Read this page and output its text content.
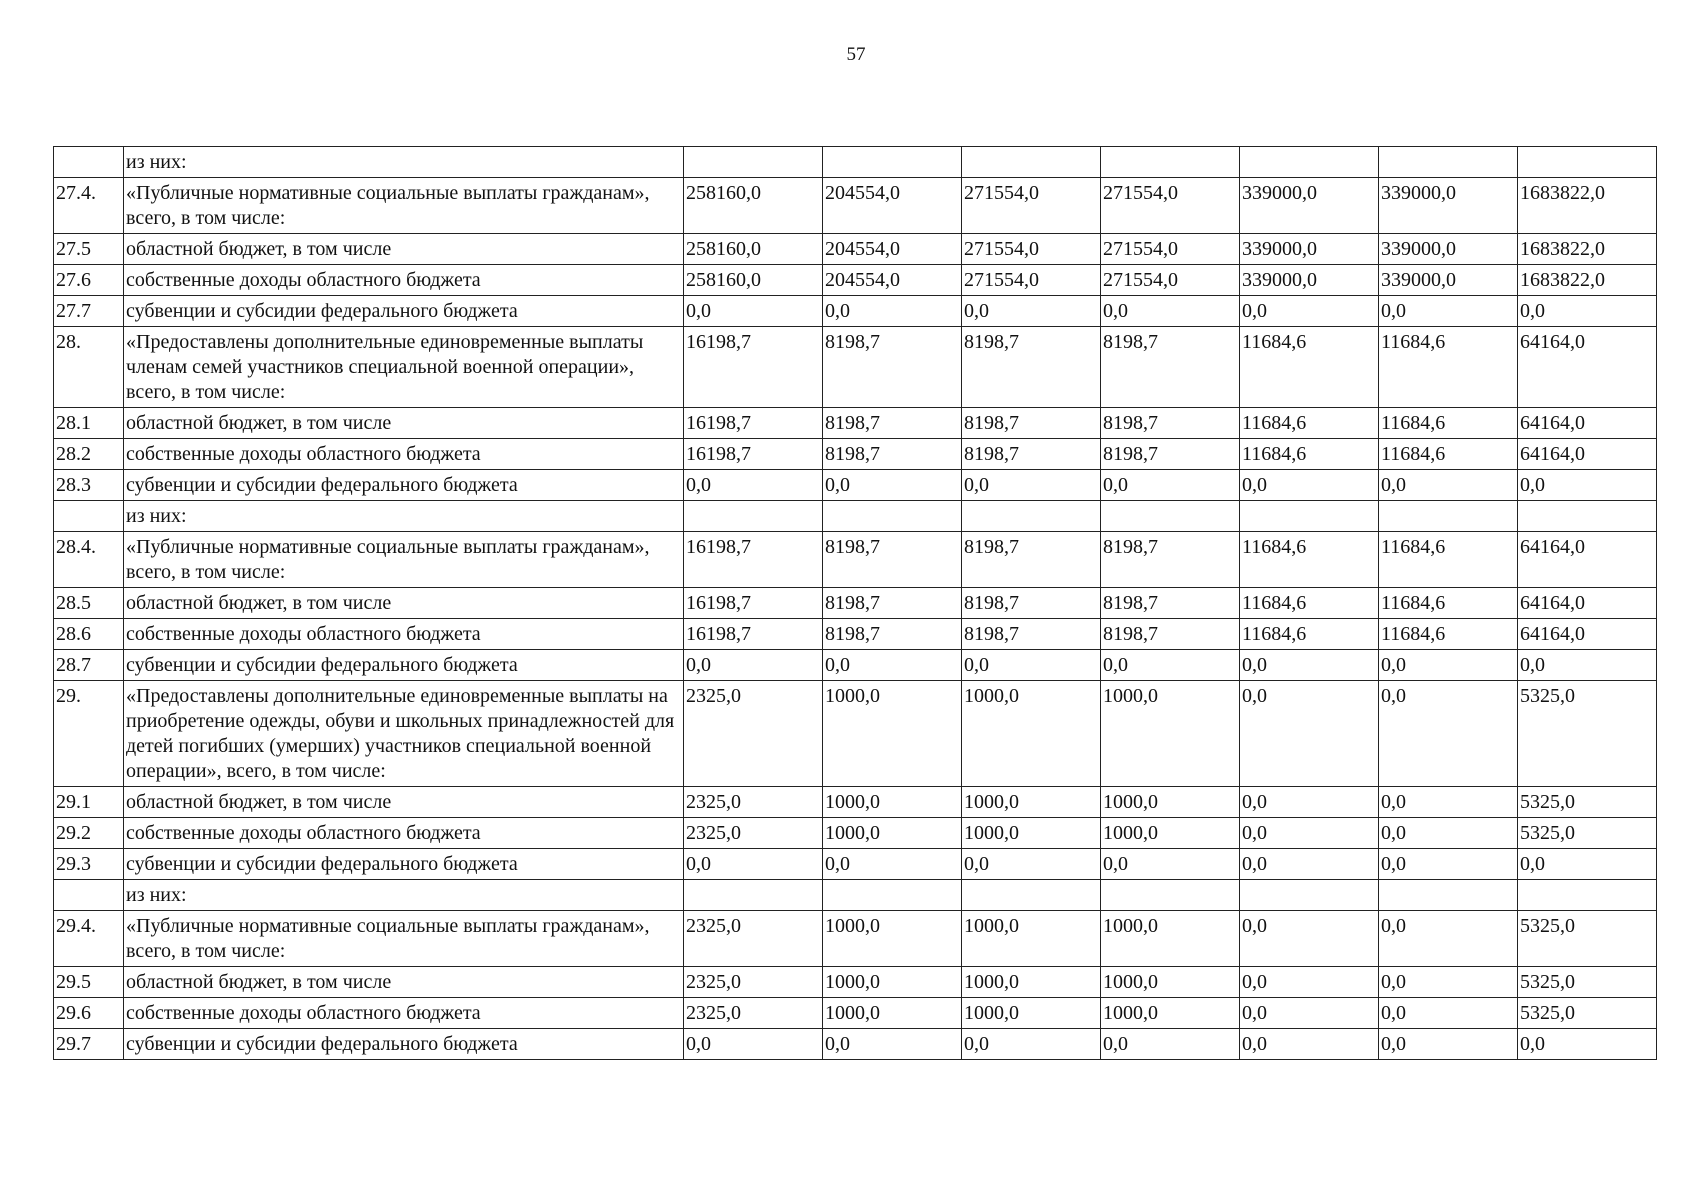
57
	из них:							
27.4.	«Публичные нормативные социальные выплаты гражданам», всего, в том числе:	258160,0	204554,0	271554,0	271554,0	339000,0	339000,0	1683822,0
27.5	областной бюджет, в том числе	258160,0	204554,0	271554,0	271554,0	339000,0	339000,0	1683822,0
27.6	собственные доходы областного бюджета	258160,0	204554,0	271554,0	271554,0	339000,0	339000,0	1683822,0
27.7	субвенции и субсидии федерального бюджета	0,0	0,0	0,0	0,0	0,0	0,0	0,0
28.	«Предоставлены дополнительные единовременные выплаты членам семей участников специальной военной операции», всего, в том числе:	16198,7	8198,7	8198,7	8198,7	11684,6	11684,6	64164,0
28.1	областной бюджет, в том числе	16198,7	8198,7	8198,7	8198,7	11684,6	11684,6	64164,0
28.2	собственные доходы областного бюджета	16198,7	8198,7	8198,7	8198,7	11684,6	11684,6	64164,0
28.3	субвенции и субсидии федерального бюджета	0,0	0,0	0,0	0,0	0,0	0,0	0,0
	из них:							
28.4.	«Публичные нормативные социальные выплаты гражданам», всего, в том числе:	16198,7	8198,7	8198,7	8198,7	11684,6	11684,6	64164,0
28.5	областной бюджет, в том числе	16198,7	8198,7	8198,7	8198,7	11684,6	11684,6	64164,0
28.6	собственные доходы областного бюджета	16198,7	8198,7	8198,7	8198,7	11684,6	11684,6	64164,0
28.7	субвенции и субсидии федерального бюджета	0,0	0,0	0,0	0,0	0,0	0,0	0,0
29.	«Предоставлены дополнительные единовременные выплаты на приобретение одежды, обуви и школьных принадлежностей для детей погибших (умерших) участников специальной военной операции», всего, в том числе:	2325,0	1000,0	1000,0	1000,0	0,0	0,0	5325,0
29.1	областной бюджет, в том числе	2325,0	1000,0	1000,0	1000,0	0,0	0,0	5325,0
29.2	собственные доходы областного бюджета	2325,0	1000,0	1000,0	1000,0	0,0	0,0	5325,0
29.3	субвенции и субсидии федерального бюджета	0,0	0,0	0,0	0,0	0,0	0,0	0,0
	из них:							
29.4.	«Публичные нормативные социальные выплаты гражданам», всего, в том числе:	2325,0	1000,0	1000,0	1000,0	0,0	0,0	5325,0
29.5	областной бюджет, в том числе	2325,0	1000,0	1000,0	1000,0	0,0	0,0	5325,0
29.6	собственные доходы областного бюджета	2325,0	1000,0	1000,0	1000,0	0,0	0,0	5325,0
29.7	субвенции и субсидии федерального бюджета	0,0	0,0	0,0	0,0	0,0	0,0	0,0
